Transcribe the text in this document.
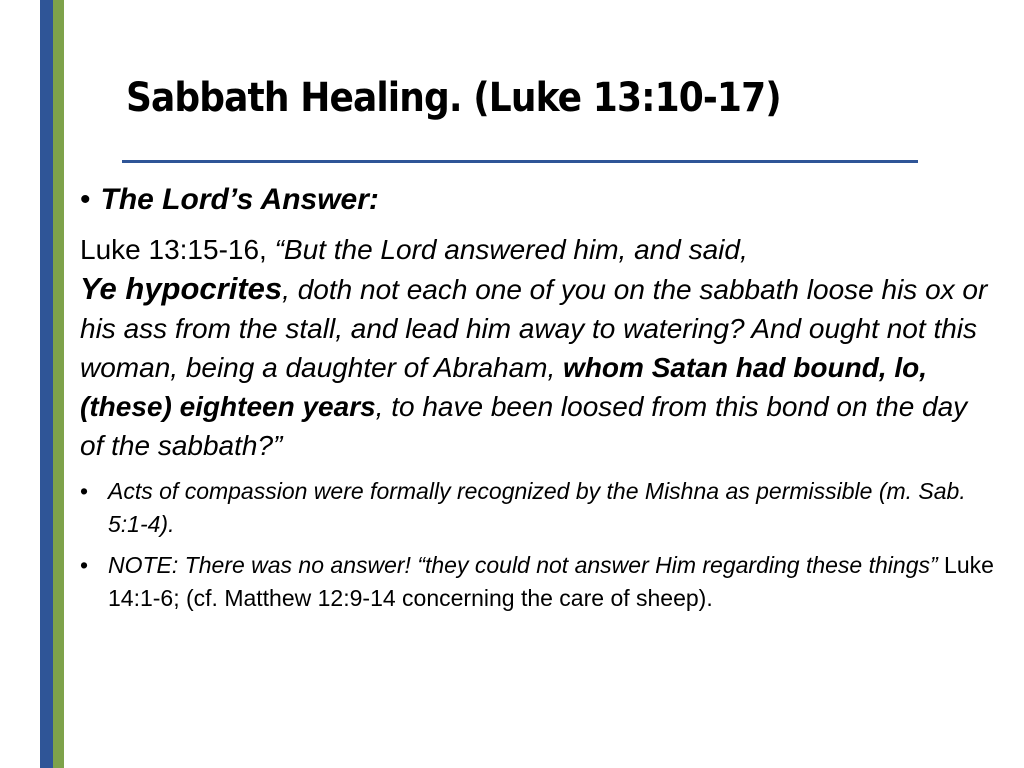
Sabbath Healing. (Luke 13:10-17)

• The Lord’s Answer:

Luke 13:15-16, “But the Lord answered him, and said,
Ye hypocrites, doth not each one of you on the sabbath loose his ox or his ass from the stall, and lead him away to watering? And ought not this woman, being a daughter of Abraham, whom Satan had bound, lo, (these) eighteen years, to have been loosed from this bond on the day of the sabbath?”

• Acts of compassion were formally recognized by the Mishna as permissible (m. Sab. 5:1-4).
• NOTE: There was no answer! “they could not answer Him regarding these things” Luke 14:1-6; (cf. Matthew 12:9-14 concerning the care of sheep).
